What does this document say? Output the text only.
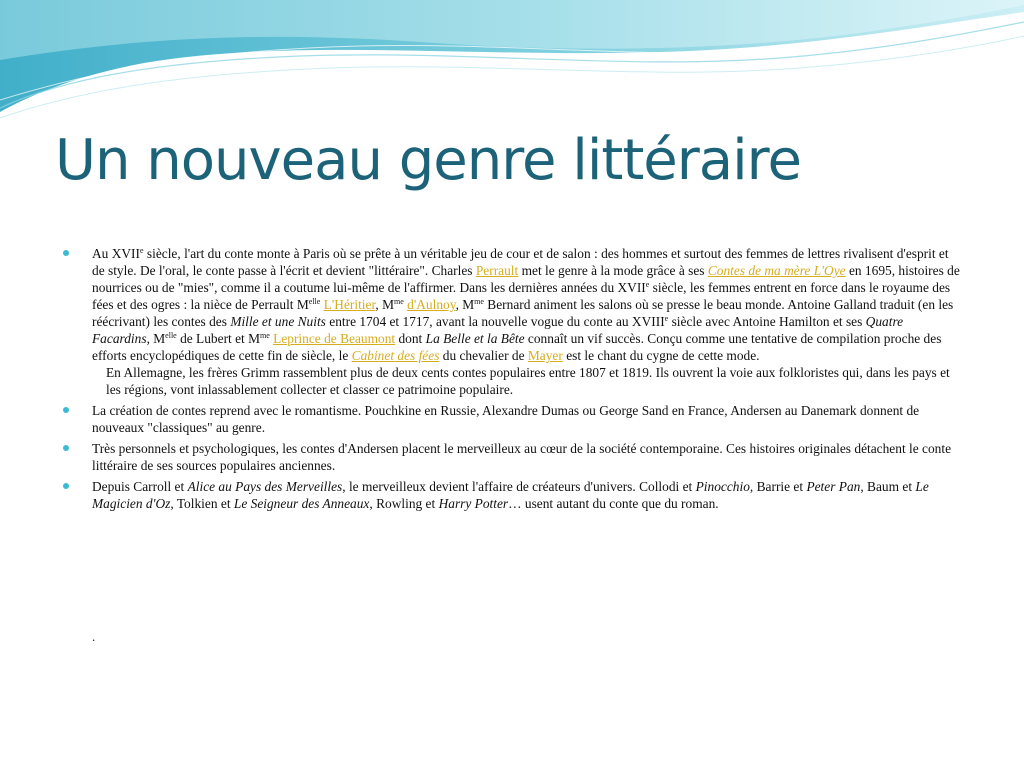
Un nouveau genre littéraire
Au XVIIe siècle, l'art du conte monte à Paris où se prête à un véritable jeu de cour et de salon : des hommes et surtout des femmes de lettres rivalisent d'esprit et de style. De l'oral, le conte passe à l'écrit et devient "littéraire". Charles Perrault met le genre à la mode grâce à ses Contes de ma mère L'Oye en 1695, histoires de nourrices ou de "mies", comme il a coutume lui-même de l'affirmer. Dans les dernières années du XVIIe siècle, les femmes entrent en force dans le royaume des fées et des ogres : la nièce de Perrault $M^{elle}$ L'Héritier, $M^{me}$ d'Aulnoy, $M^{me}$ Bernard animent les salons où se presse le beau monde. Antoine Galland traduit (en les réécrivant) les contes des Mille et une Nuits entre 1704 et 1717, avant la nouvelle vogue du conte au XVIIIe siècle avec Antoine Hamilton et ses Quatre Facardins, $M^{elle}$ de Lubert et $M^{me}$ Leprince de Beaumont dont La Belle et la Bête connaît un vif succès. Conçu comme une tentative de compilation proche des efforts encyclopédiques de cette fin de siècle, le Cabinet des fées du chevalier de Mayer est le chant du cygne de cette mode.
En Allemagne, les frères Grimm rassemblent plus de deux cents contes populaires entre 1807 et 1819. Ils ouvrent la voie aux folkloristes qui, dans les pays et les régions, vont inlassablement collecter et classer ce patrimoine populaire.
La création de contes reprend avec le romantisme. Pouchkine en Russie, Alexandre Dumas ou George Sand en France, Andersen au Danemark donnent de nouveaux "classiques" au genre.
Très personnels et psychologiques, les contes d'Andersen placent le merveilleux au cœur de la société contemporaine. Ces histoires originales détachent le conte littéraire de ses sources populaires anciennes.
Depuis Carroll et Alice au Pays des Merveilles, le merveilleux devient l'affaire de créateurs d'univers. Collodi et Pinocchio, Barrie et Peter Pan, Baum et Le Magicien d'Oz, Tolkien et Le Seigneur des Anneaux, Rowling et Harry Potter… usent autant du conte que du roman.
.
